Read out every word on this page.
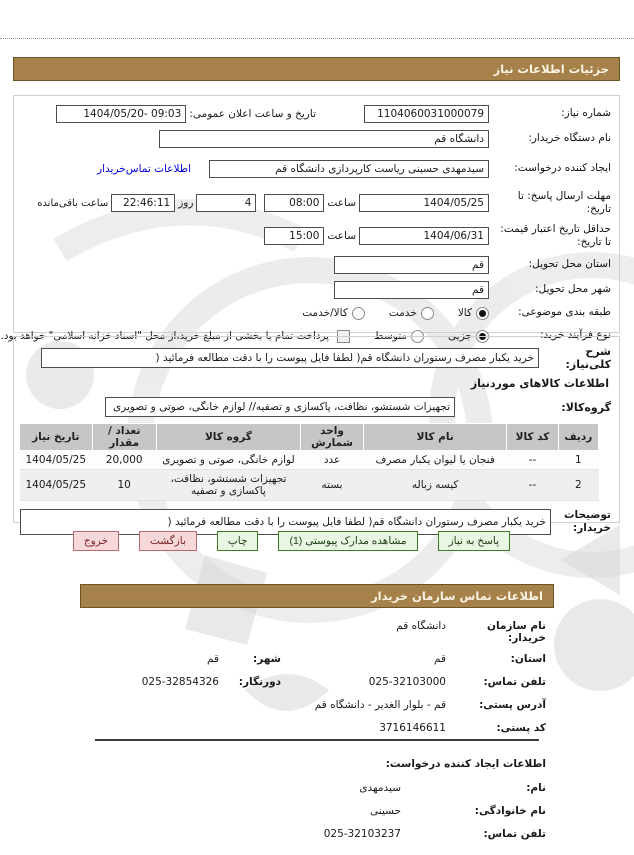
جزئیات اطلاعات نیاز
شماره نیاز:
1104060031000079
تاریخ و ساعت اعلان عمومی:
1404/05/20- 09:03
نام دستگاه خریدار:
دانشگاه قم
ایجاد کننده درخواست:
سیدمهدی حسینی ریاست کارپردازی دانشگاه قم
اطلاعات تماس‌خریدار
مهلت ارسال پاسخ: تا تاریخ:
1404/05/25
ساعت
08:00
4
روز
22:46:11
ساعت باقی‌مانده
حداقل تاریخ اعتبار قیمت: تا تاریخ:
1404/06/31
ساعت
15:00
استان محل تحویل:
قم
شهر محل تحویل:
قم
طبقه بندی موضوعی:
کالا
خدمت
کالا/خدمت
نوع فرآیند خرید:
جزیی
متوسط
پرداخت تمام یا بخشی از مبلغ خرید،از محل "اسناد خزانه اسلامی" خواهد بود.
شرح کلی‌نیاز:
خرید یکبار مصرف رستوران دانشگاه قم( لطفا فایل پیوست را با دقت مطالعه فرمائید (
اطلاعات کالاهای موردنیاز
گروه‌کالا:
تجهیزات شستشو، نظافت، پاکسازی و تصفیه// لوازم خانگی، صوتی و تصویری
ردیف	کد کالا	نام کالا	واحد شمارش	گروه کالا	تعداد / مقدار	تاریخ نیاز
1	--	فنجان یا لیوان یکبار مصرف	عدد	لوازم خانگی، صوتی و تصویری	20,000	1404/05/25
2	--	کیسه زباله	بسته	تجهیزات شستشو، نظافت، پاکسازی و تصفیه	10	1404/05/25
توضیحات خریدار:
خرید یکبار مصرف رستوران دانشگاه قم( لطفا فایل پیوست را با دقت مطالعه فرمائید (
پاسخ به نیاز
مشاهده مدارک پیوستی (1)
چاپ
بازگشت
خروج
اطلاعات تماس سازمان خریدار
نام سازمان خریدار:
دانشگاه قم
استان:
قم
شهر:
قم
تلفن تماس:
025-32103000
دورنگار:
025-32854326
آدرس پستی:
قم - بلوار الغدیر - دانشگاه قم
کد پستی:
3716146611
اطلاعات ایجاد کننده درخواست:
نام:
سیدمهدی
نام خانوادگی:
حسینی
تلفن تماس:
025-32103237
